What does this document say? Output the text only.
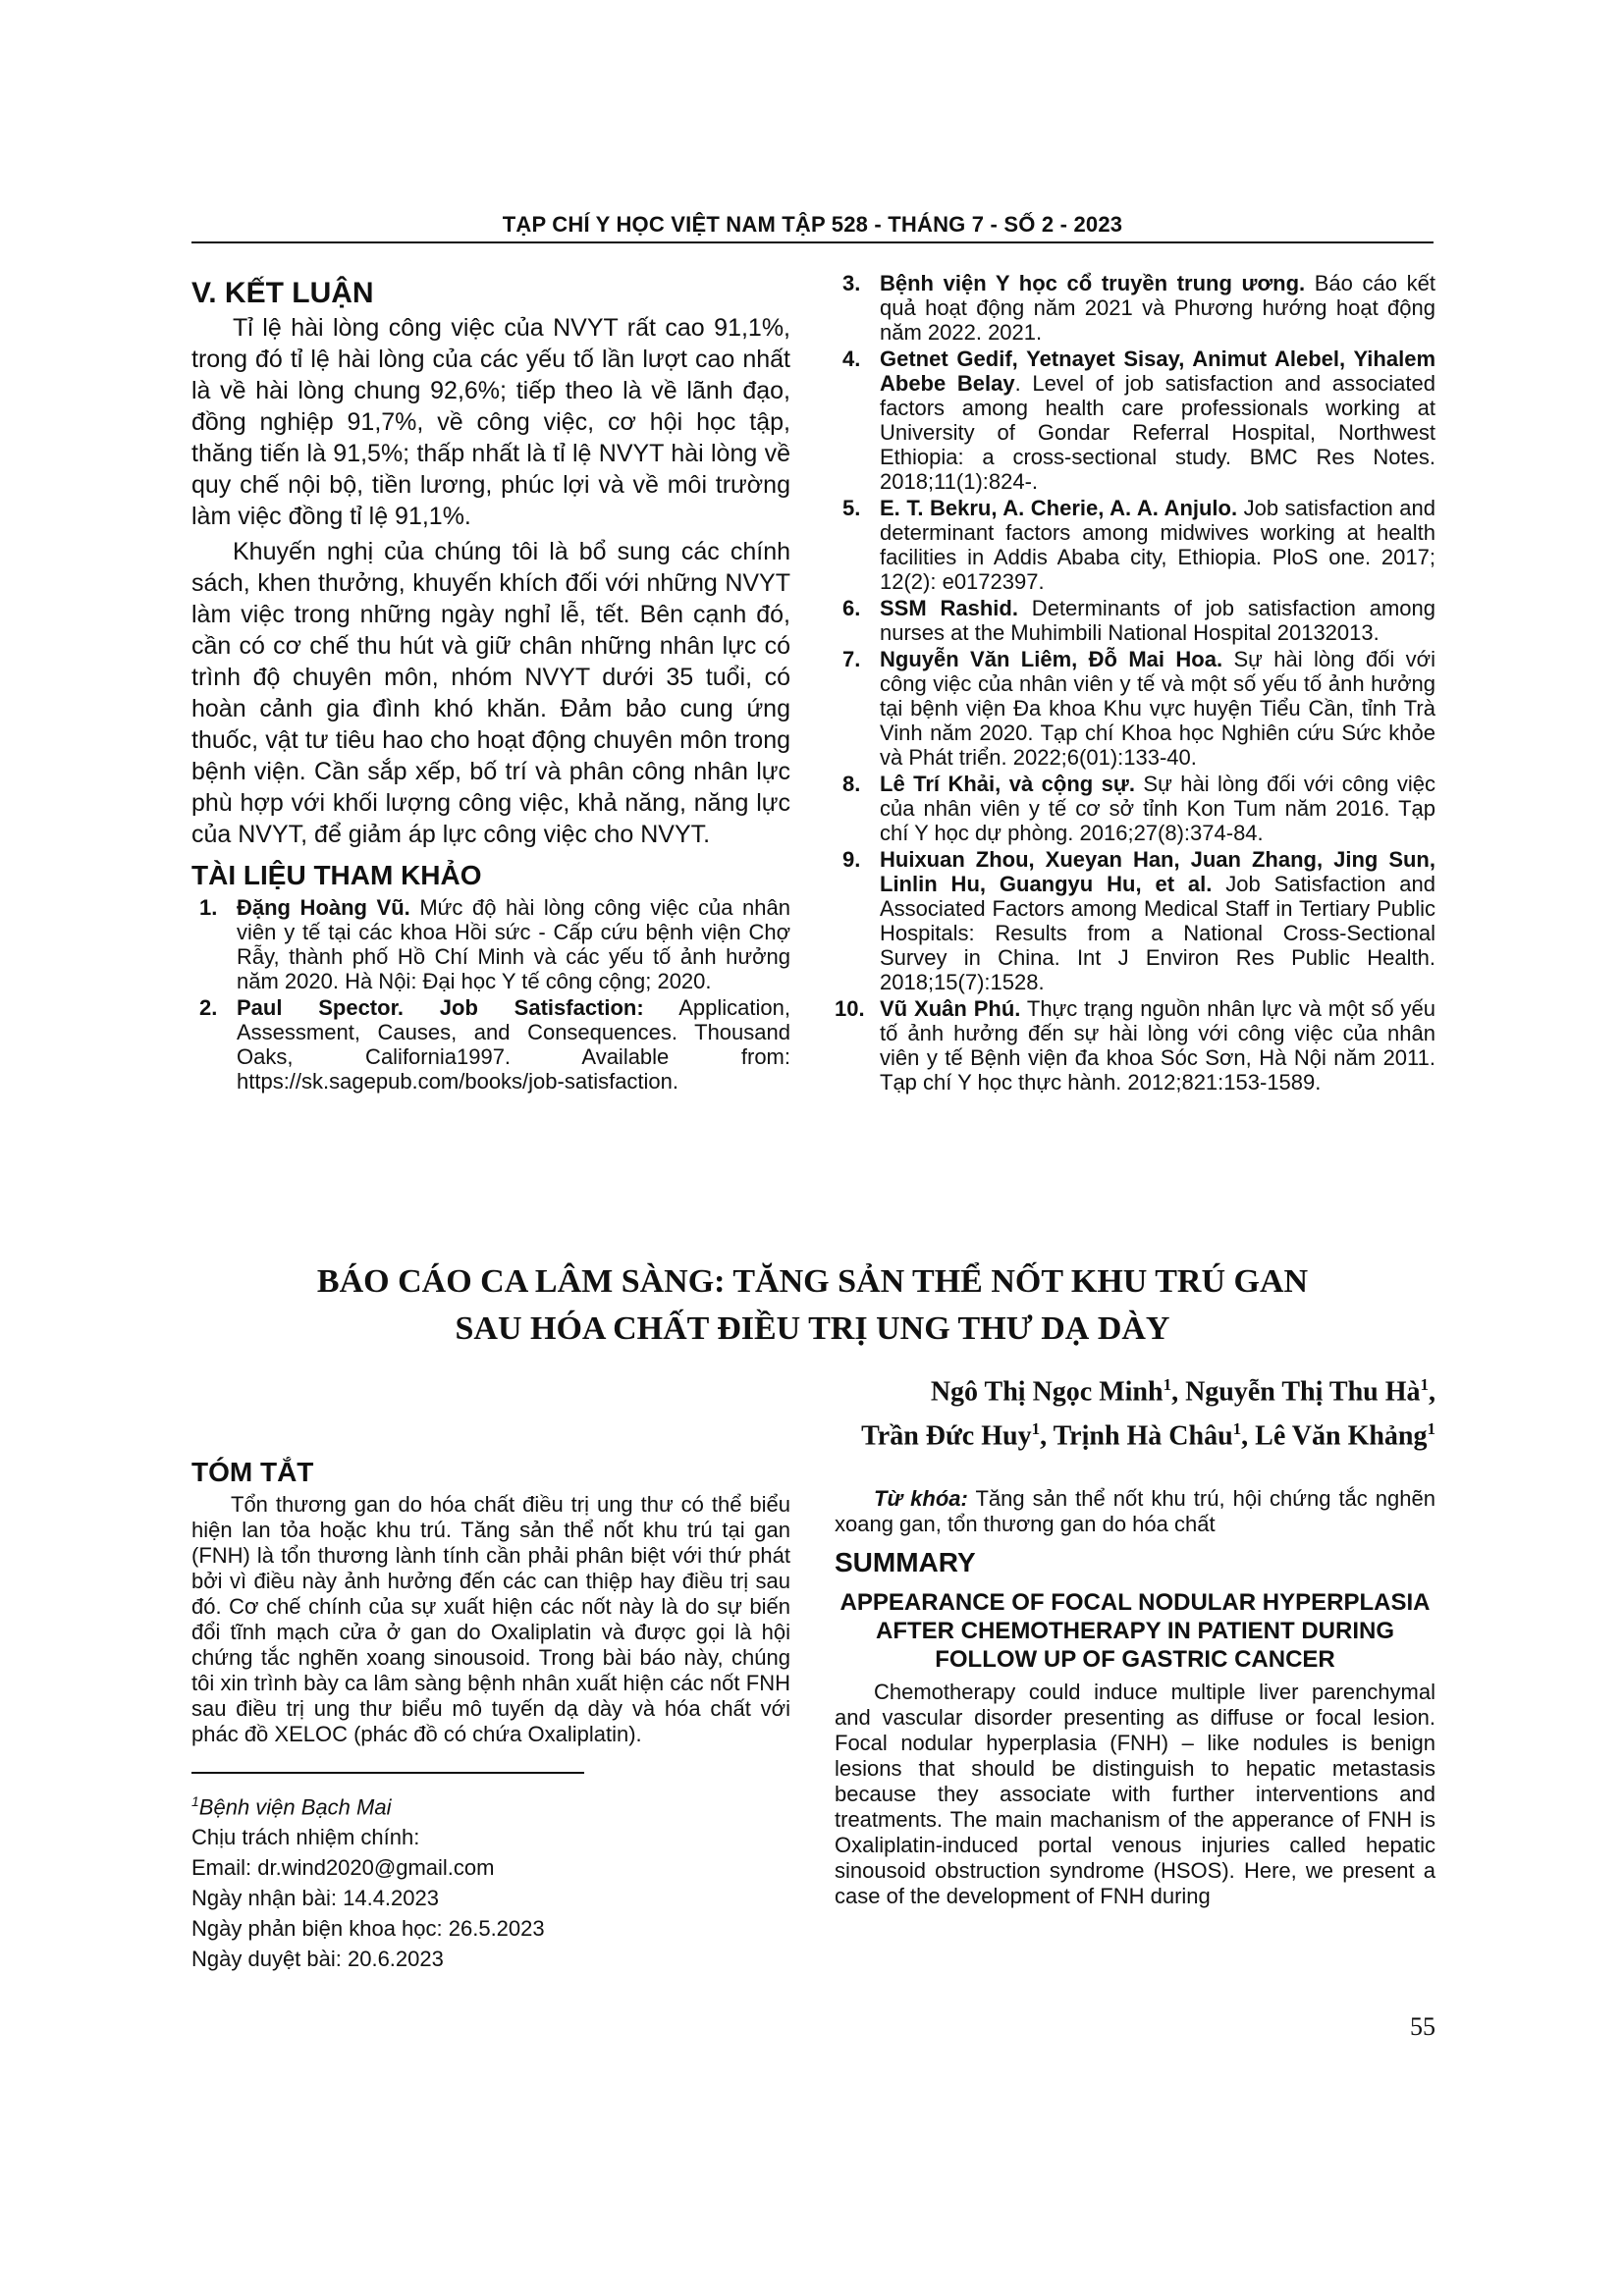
TẠP CHÍ Y HỌC VIỆT NAM TẬP 528 - THÁNG 7 - SỐ 2 - 2023
V. KẾT LUẬN

Tỉ lệ hài lòng công việc của NVYT rất cao 91,1%, trong đó tỉ lệ hài lòng của các yếu tố lần lượt cao nhất là về hài lòng chung 92,6%; tiếp theo là về lãnh đạo, đồng nghiệp 91,7%, về công việc, cơ hội học tập, thăng tiến là 91,5%; thấp nhất là tỉ lệ NVYT hài lòng về quy chế nội bộ, tiền lương, phúc lợi và về môi trường làm việc đồng tỉ lệ 91,1%.

Khuyến nghị của chúng tôi là bổ sung các chính sách, khen thưởng, khuyến khích đối với những NVYT làm việc trong những ngày nghỉ lễ, tết. Bên cạnh đó, cần có cơ chế thu hút và giữ chân những nhân lực có trình độ chuyên môn, nhóm NVYT dưới 35 tuổi, có hoàn cảnh gia đình khó khăn. Đảm bảo cung ứng thuốc, vật tư tiêu hao cho hoạt động chuyên môn trong bệnh viện. Cần sắp xếp, bố trí và phân công nhân lực phù hợp với khối lượng công việc, khả năng, năng lực của NVYT, để giảm áp lực công việc cho NVYT.

TÀI LIỆU THAM KHẢO
1. Đặng Hoàng Vũ. Mức độ hài lòng công việc của nhân viên y tế tại các khoa Hồi sức - Cấp cứu bệnh viện Chợ Rẫy, thành phố Hồ Chí Minh và các yếu tố ảnh hưởng năm 2020. Hà Nội: Đại học Y tế công cộng; 2020.
2. Paul Spector. Job Satisfaction: Application, Assessment, Causes, and Consequences. Thousand Oaks, California1997. Available from: https://sk.sagepub.com/books/job-satisfaction.
3. Bệnh viện Y học cổ truyền trung ương. Báo cáo kết quả hoạt động năm 2021 và Phương hướng hoạt động năm 2022. 2021.
4. Getnet Gedif, Yetnayet Sisay, Animut Alebel, Yihalem Abebe Belay. Level of job satisfaction and associated factors among health care professionals working at University of Gondar Referral Hospital, Northwest Ethiopia: a cross-sectional study. BMC Res Notes. 2018;11(1):824-.
5. E. T. Bekru, A. Cherie, A. A. Anjulo. Job satisfaction and determinant factors among midwives working at health facilities in Addis Ababa city, Ethiopia. PloS one. 2017; 12(2): e0172397.
6. SSM Rashid. Determinants of job satisfaction among nurses at the Muhimbili National Hospital 20132013.
7. Nguyễn Văn Liêm, Đỗ Mai Hoa. Sự hài lòng đối với công việc của nhân viên y tế và một số yếu tố ảnh hưởng tại bệnh viện Đa khoa Khu vực huyện Tiểu Cần, tỉnh Trà Vinh năm 2020. Tạp chí Khoa học Nghiên cứu Sức khỏe và Phát triển. 2022;6(01):133-40.
8. Lê Trí Khải, và cộng sự. Sự hài lòng đối với công việc của nhân viên y tế cơ sở tỉnh Kon Tum năm 2016. Tạp chí Y học dự phòng. 2016;27(8):374-84.
9. Huixuan Zhou, Xueyan Han, Juan Zhang, Jing Sun, Linlin Hu, Guangyu Hu, et al. Job Satisfaction and Associated Factors among Medical Staff in Tertiary Public Hospitals: Results from a National Cross-Sectional Survey in China. Int J Environ Res Public Health. 2018;15(7):1528.
10. Vũ Xuân Phú. Thực trạng nguồn nhân lực và một số yếu tố ảnh hưởng đến sự hài lòng với công việc của nhân viên y tế Bệnh viện đa khoa Sóc Sơn, Hà Nội năm 2011. Tạp chí Y học thực hành. 2012;821:153-1589.
BÁO CÁO CA LÂM SÀNG: TĂNG SẢN THỂ NỐT KHU TRÚ GAN
SAU HÓA CHẤT ĐIỀU TRỊ UNG THƯ DẠ DÀY
Ngô Thị Ngọc Minh$^1$, Nguyễn Thị Thu $Hà^1$,
Trần Đức Huy$^1$, Trịnh Hà Châu$^1$, Lê Văn Khảng$^1$
TÓM TẮT

Tổn thương gan do hóa chất điều trị ung thư có thể biểu hiện lan tỏa hoặc khu trú. Tăng sản thể nốt khu trú tại gan (FNH) là tổn thương lành tính cần phải phân biệt với thứ phát bởi vì điều này ảnh hưởng đến các can thiệp hay điều trị sau đó. Cơ chế chính của sự xuất hiện các nốt này là do sự biến đổi tĩnh mạch cửa ở gan do Oxaliplatin và được gọi là hội chứng tắc nghẽn xoang sinousoid. Trong bài báo này, chúng tôi xin trình bày ca lâm sàng bệnh nhân xuất hiện các nốt FNH sau điều trị ung thư biểu mô tuyến dạ dày và hóa chất với phác đồ XELOC (phác đồ có chứa Oxaliplatin).

Từ khóa: Tăng sản thể nốt khu trú, hội chứng tắc nghẽn xoang gan, tổn thương gan do hóa chất

SUMMARY
APPEARANCE OF FOCAL NODULAR HYPERPLASIA AFTER CHEMOTHERAPY IN PATIENT DURING FOLLOW UP OF GASTRIC CANCER

Chemotherapy could induce multiple liver parenchymal and vascular disorder presenting as diffuse or focal lesion. Focal nodular hyperplasia (FNH) – like nodules is benign lesions that should be distinguish to hepatic metastasis because they associate with further interventions and treatments. The main machanism of the apperance of FNH is Oxaliplatin-induced portal venous injuries called hepatic sinousoid obstruction syndrome (HSOS). Here, we present a case of the development of FNH during

$^1$Bệnh viện Bạch Mai
Chịu trách nhiệm chính:
Email: dr.wind2020@gmail.com
Ngày nhận bài: 14.4.2023
Ngày phản biện khoa học: 26.5.2023
Ngày duyệt bài: 20.6.2023
55
